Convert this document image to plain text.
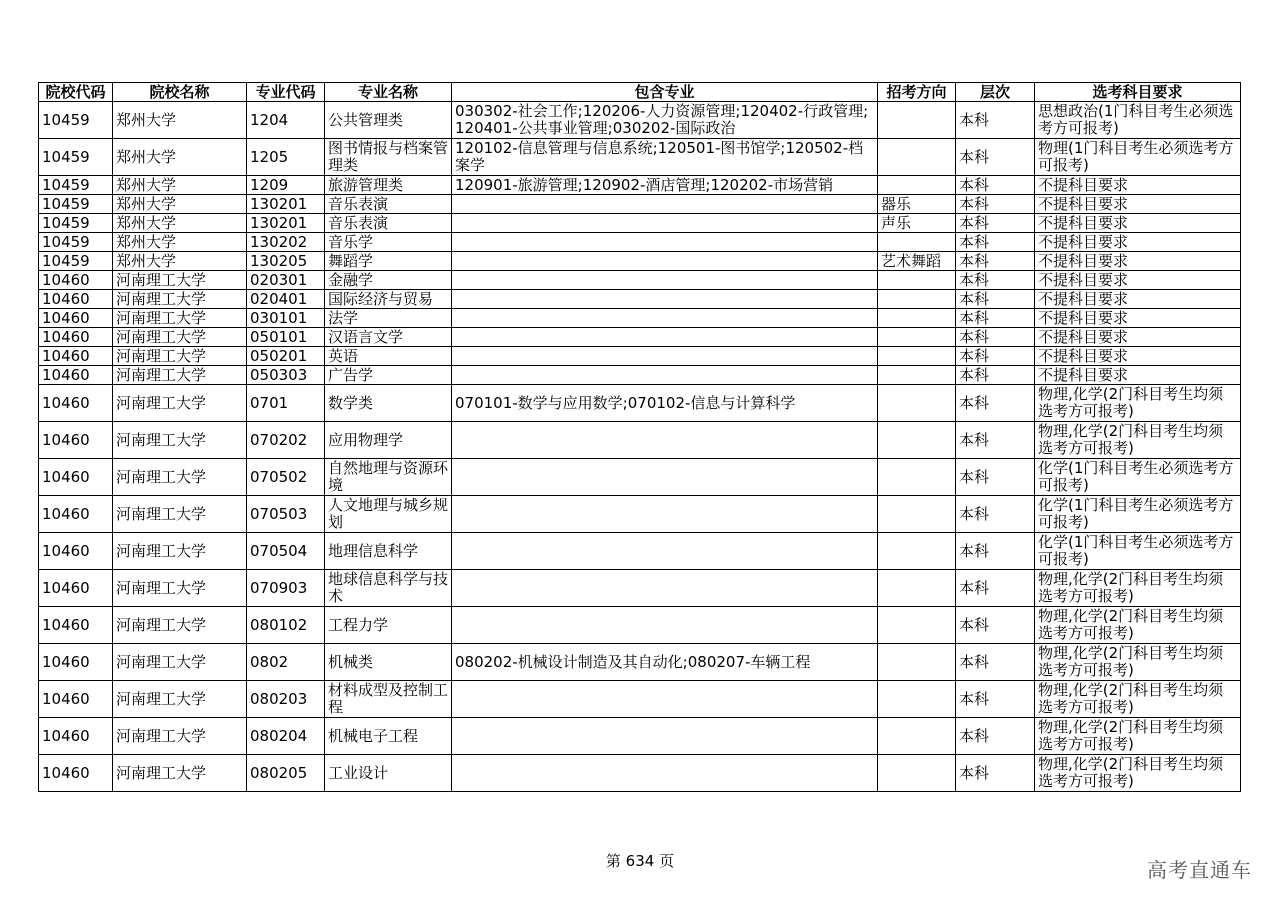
院校代码	院校名称	专业代码	专业名称	包含专业	招考方向	层次	选考科目要求
10459	郑州大学	1204	公共管理类	030302-社会工作;120206-人力资源管理;120402-行政管理;120401-公共事业管理;030202-国际政治		本科	思想政治(1门科目考生必须选考方可报考)
10459	郑州大学	1205	图书情报与档案管理类	120102-信息管理与信息系统;120501-图书馆学;120502-档案学		本科	物理(1门科目考生必须选考方可报考)
10459	郑州大学	1209	旅游管理类	120901-旅游管理;120902-酒店管理;120202-市场营销		本科	不提科目要求
10459	郑州大学	130201	音乐表演		器乐	本科	不提科目要求
10459	郑州大学	130201	音乐表演		声乐	本科	不提科目要求
10459	郑州大学	130202	音乐学			本科	不提科目要求
10459	郑州大学	130205	舞蹈学		艺术舞蹈	本科	不提科目要求
10460	河南理工大学	020301	金融学			本科	不提科目要求
10460	河南理工大学	020401	国际经济与贸易			本科	不提科目要求
10460	河南理工大学	030101	法学			本科	不提科目要求
10460	河南理工大学	050101	汉语言文学			本科	不提科目要求
10460	河南理工大学	050201	英语			本科	不提科目要求
10460	河南理工大学	050303	广告学			本科	不提科目要求
10460	河南理工大学	0701	数学类	070101-数学与应用数学;070102-信息与计算科学		本科	物理,化学(2门科目考生均须选考方可报考)
10460	河南理工大学	070202	应用物理学			本科	物理,化学(2门科目考生均须选考方可报考)
10460	河南理工大学	070502	自然地理与资源环境			本科	化学(1门科目考生必须选考方可报考)
10460	河南理工大学	070503	人文地理与城乡规划			本科	化学(1门科目考生必须选考方可报考)
10460	河南理工大学	070504	地理信息科学			本科	化学(1门科目考生必须选考方可报考)
10460	河南理工大学	070903	地球信息科学与技术			本科	物理,化学(2门科目考生均须选考方可报考)
10460	河南理工大学	080102	工程力学			本科	物理,化学(2门科目考生均须选考方可报考)
10460	河南理工大学	0802	机械类	080202-机械设计制造及其自动化;080207-车辆工程		本科	物理,化学(2门科目考生均须选考方可报考)
10460	河南理工大学	080203	材料成型及控制工程			本科	物理,化学(2门科目考生均须选考方可报考)
10460	河南理工大学	080204	机械电子工程			本科	物理,化学(2门科目考生均须选考方可报考)
10460	河南理工大学	080205	工业设计			本科	物理,化学(2门科目考生均须选考方可报考)
第 634 页	高考直通车
